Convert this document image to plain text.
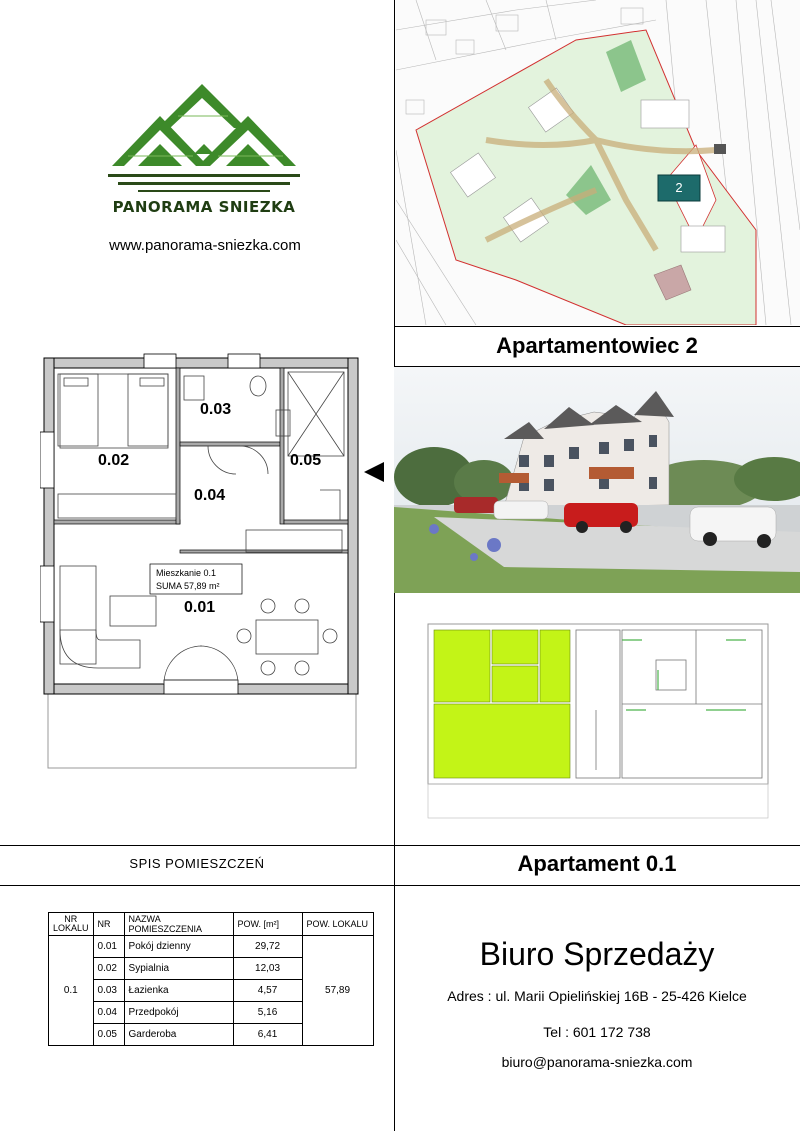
PANORAMA SNIEZKA
www.panorama-sniezka.com
2
Apartamentowiec 2
0.02
0.03
0.04
0.05
0.01
Mieszkanie 0.1
SUMA 57,89 m²
SPIS POMIESZCZEŃ	Apartament 0.1
NR LOKALU	NR	NAZWA POMIESZCZENIA	POW. [m²]	POW. LOKALU
0.1	0.01	Pokój dzienny	29,72	57,89
	0.02	Sypialnia	12,03	
	0.03	Łazienka	4,57	
	0.04	Przedpokój	5,16	
	0.05	Garderoba	6,41	
Biuro Sprzedaży
Adres : ul. Marii Opielińskiej 16B - 25-426 Kielce
Tel : 601 172 738
biuro@panorama-sniezka.com
